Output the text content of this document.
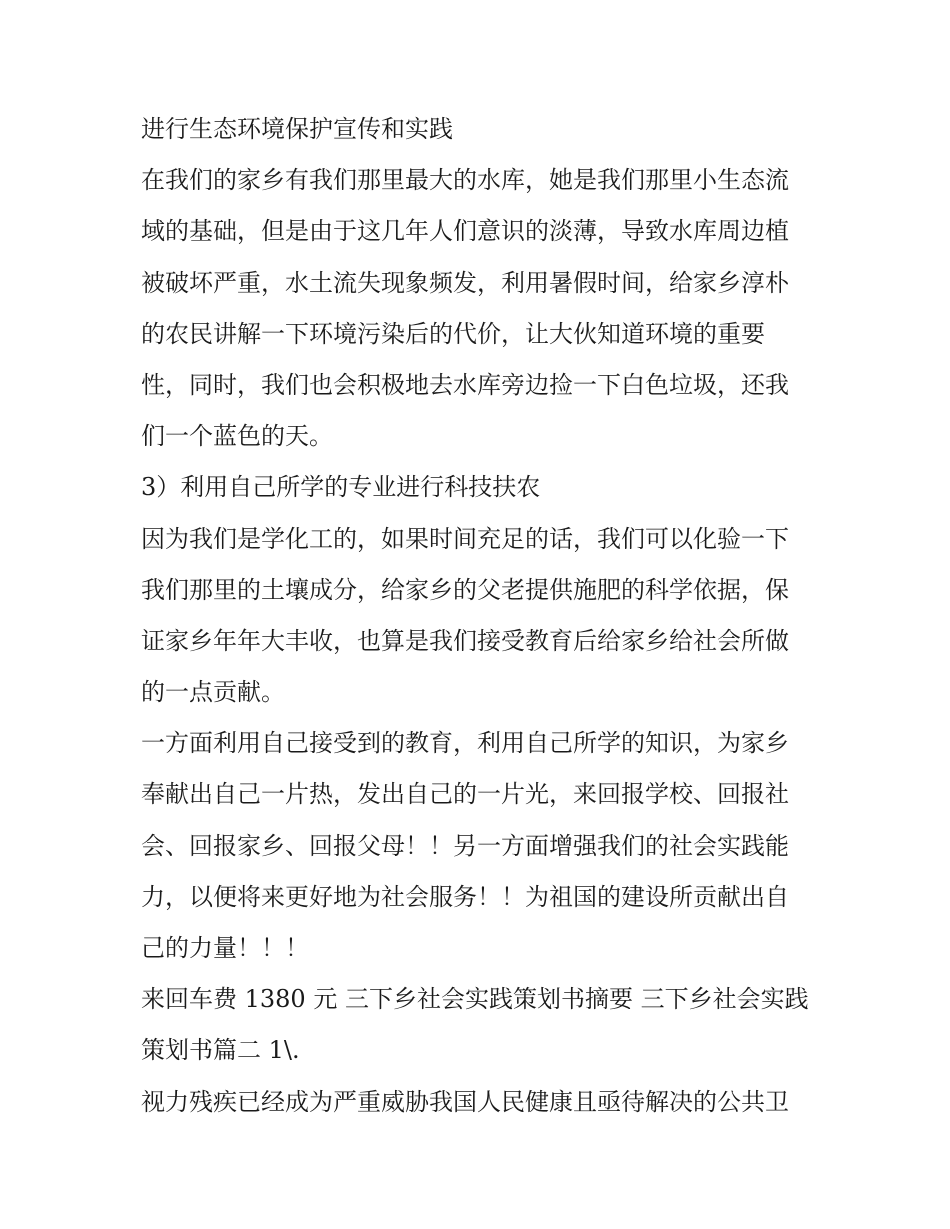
进行生态环境保护宣传和实践
在我们的家乡有我们那里最大的水库，她是我们那里小生态流
域的基础，但是由于这几年人们意识的淡薄，导致水库周边植
被破坏严重，水土流失现象频发，利用暑假时间，给家乡淳朴
的农民讲解一下环境污染后的代价，让大伙知道环境的重要
性，同时，我们也会积极地去水库旁边捡一下白色垃圾，还我
们一个蓝色的天。
3）利用自己所学的专业进行科技扶农
因为我们是学化工的，如果时间充足的话，我们可以化验一下
我们那里的土壤成分，给家乡的父老提供施肥的科学依据，保
证家乡年年大丰收，也算是我们接受教育后给家乡给社会所做
的一点贡献。
一方面利用自己接受到的教育，利用自己所学的知识，为家乡
奉献出自己一片热，发出自己的一片光，来回报学校、回报社
会、回报家乡、回报父母！！另一方面增强我们的社会实践能
力，以便将来更好地为社会服务！！为祖国的建设所贡献出自
己的力量！！！
来回车费 1380 元 三下乡社会实践策划书摘要 三下乡社会实践
策划书篇二 1\.
视力残疾已经成为严重威胁我国人民健康且亟待解决的公共卫
